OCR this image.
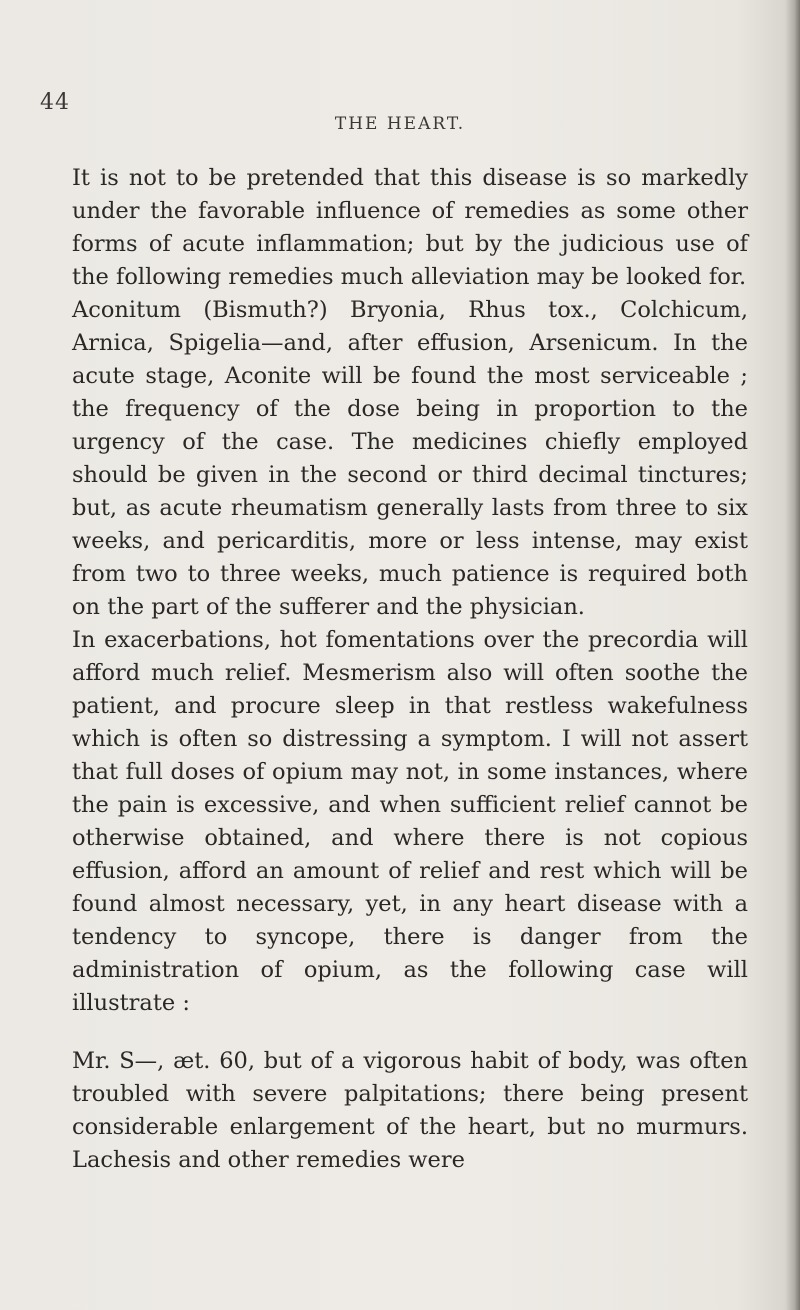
44
THE HEART.

It is not to be pretended that this disease is so markedly under the favorable influence of remedies as some other forms of acute inflammation; but by the judicious use of the following remedies much alleviation may be looked for.

Aconitum (Bismuth?) Bryonia, Rhus tox., Colchicum, Arnica, Spigelia—and, after effusion, Arsenicum. In the acute stage, Aconite will be found the most serviceable ; the frequency of the dose being in proportion to the urgency of the case. The medicines chiefly employed should be given in the second or third decimal tinctures; but, as acute rheumatism generally lasts from three to six weeks, and pericarditis, more or less intense, may exist from two to three weeks, much patience is required both on the part of the sufferer and the physician.

In exacerbations, hot fomentations over the precordia will afford much relief. Mesmerism also will often soothe the patient, and procure sleep in that restless wakefulness which is often so distressing a symptom. I will not assert that full doses of opium may not, in some instances, where the pain is excessive, and when sufficient relief cannot be otherwise obtained, and where there is not copious effusion, afford an amount of relief and rest which will be found almost necessary, yet, in any heart disease with a tendency to syncope, there is danger from the administration of opium, as the following case will illustrate :

Mr. S—, æt. 60, but of a vigorous habit of body, was often troubled with severe palpitations; there being present considerable enlargement of the heart, but no murmurs. Lachesis and other remedies were
